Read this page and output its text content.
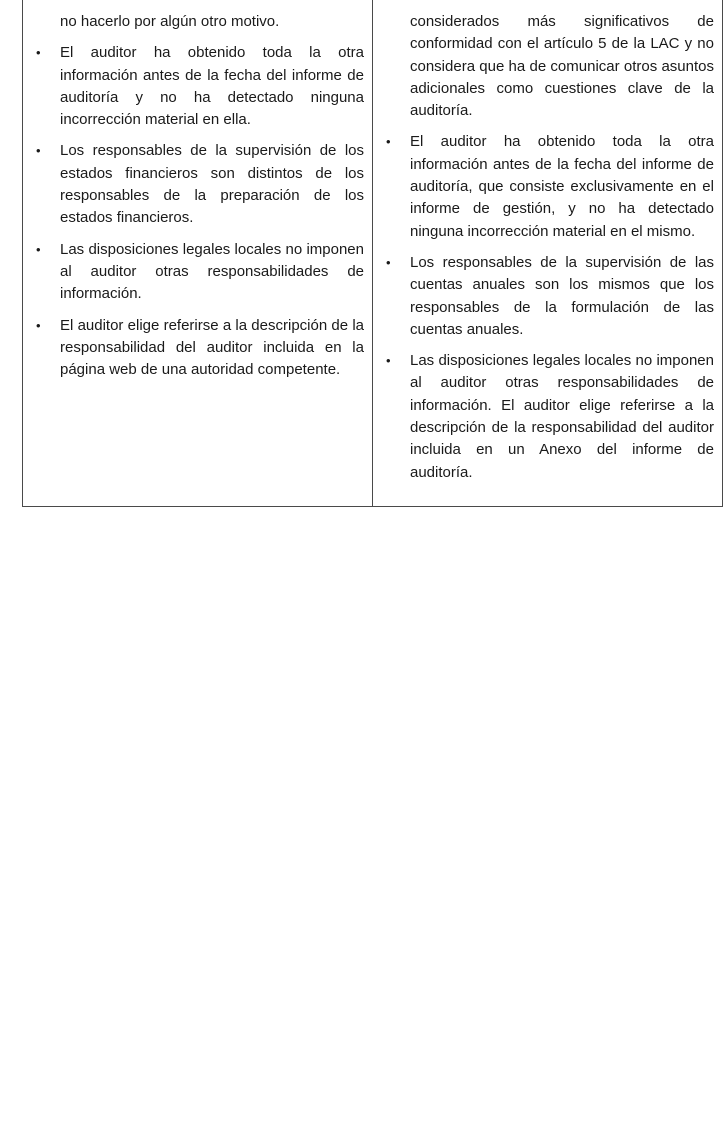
no hacerlo por algún otro motivo.

• El auditor ha obtenido toda la otra información antes de la fecha del informe de auditoría y no ha detectado ninguna incorrección material en ella.
• Los responsables de la supervisión de los estados financieros son distintos de los responsables de la preparación de los estados financieros.
• Las disposiciones legales locales no imponen al auditor otras responsabilidades de información.
• El auditor elige referirse a la descripción de la responsabilidad del auditor incluida en la página web de una autoridad competente.

considerados más significativos de conformidad con el artículo 5 de la LAC y no considera que ha de comunicar otros asuntos adicionales como cuestiones clave de la auditoría.

• El auditor ha obtenido toda la otra información antes de la fecha del informe de auditoría, que consiste exclusivamente en el informe de gestión, y no ha detectado ninguna incorrección material en el mismo.
• Los responsables de la supervisión de las cuentas anuales son los mismos que los responsables de la formulación de las cuentas anuales.
• Las disposiciones legales locales no imponen al auditor otras responsabilidades de información. El auditor elige referirse a la descripción de la responsabilidad del auditor incluida en un Anexo del informe de auditoría.
